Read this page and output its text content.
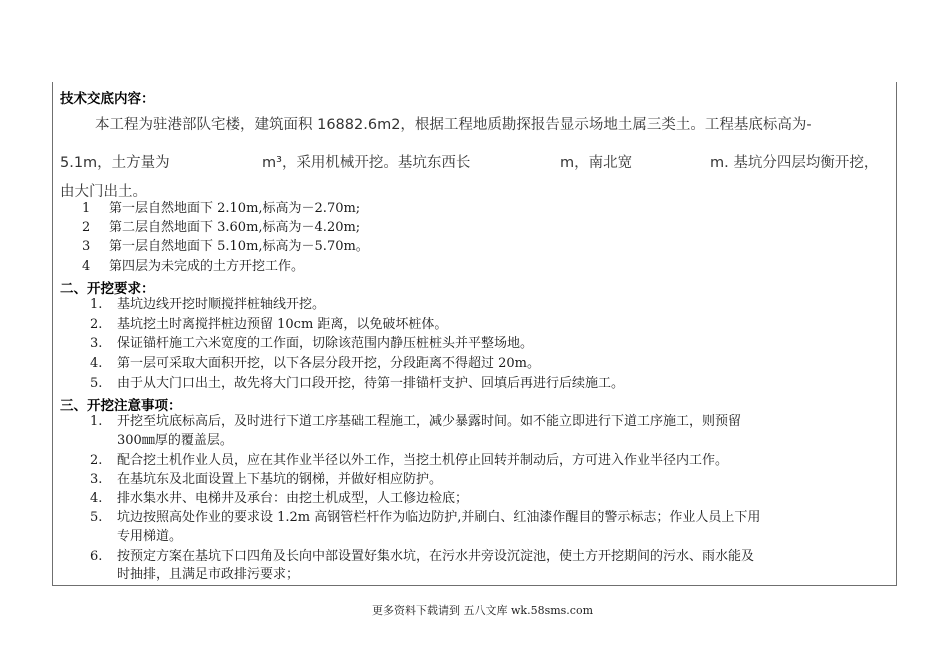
技术交底内容：
本工程为驻港部队宅楼，建筑面积 16882.6m2，根据工程地质勘探报告显示场地土属三类土。工程基底标高为-
5.1m，土方量为	m³，采用机械开挖。基坑东西长	m，南北宽	m. 基坑分四层均衡开挖，
由大门出土。
1 第一层自然地面下 2.10m,标高为－2.70m;
2 第二层自然地面下 3.60m,标高为－4.20m;
3 第一层自然地面下 5.10m,标高为－5.70m。
4 第四层为未完成的土方开挖工作。
二、开挖要求：
1. 基坑边线开挖时顺搅拌桩轴线开挖。
2. 基坑挖土时离搅拌桩边预留 10cm 距离，以免破坏桩体。
3. 保证锚杆施工六米宽度的工作面，切除该范围内静压桩桩头并平整场地。
4. 第一层可采取大面积开挖，以下各层分段开挖，分段距离不得超过 20m。
5. 由于从大门口出土，故先将大门口段开挖，待第一排锚杆支护、回填后再进行后续施工。
三、开挖注意事项：
1. 开挖至坑底标高后，及时进行下道工序基础工程施工，减少暴露时间。如不能立即进行下道工序施工，则预留
300㎜厚的覆盖层。
2. 配合挖土机作业人员，应在其作业半径以外工作，当挖土机停止回转并制动后，方可进入作业半径内工作。
3. 在基坑东及北面设置上下基坑的钢梯，并做好相应防护。
4. 排水集水井、电梯井及承台：由挖土机成型，人工修边检底；
5. 坑边按照高处作业的要求设 1.2m 高钢管栏杆作为临边防护,并刷白、红油漆作醒目的警示标志；作业人员上下用
专用梯道。
6. 按预定方案在基坑下口四角及长向中部设置好集水坑，在污水井旁设沉淀池，使土方开挖期间的污水、雨水能及
时抽排，且满足市政排污要求；
更多资料下载请到 五八文库 wk.58sms.com
